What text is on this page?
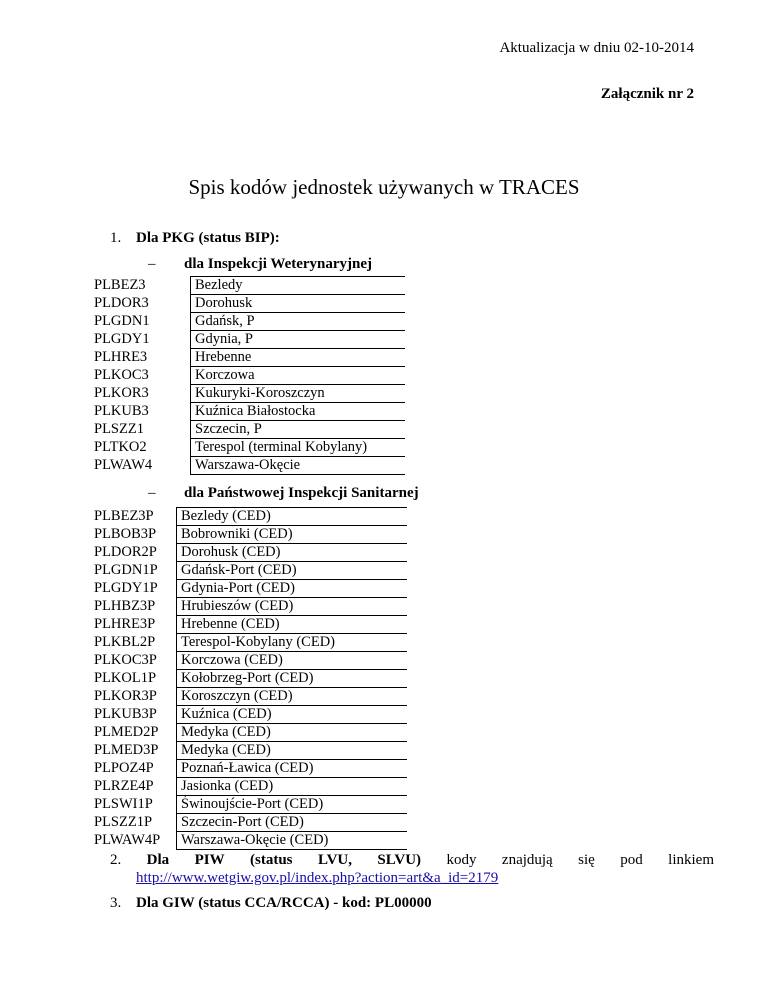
Aktualizacja w dniu 02-10-2014
Załącznik nr 2
Spis kodów jednostek używanych w TRACES
1. Dla PKG (status BIP):
– dla Inspekcji Weterynaryjnej
PLBEZ3	Bezledy
PLDOR3	Dorohusk
PLGDN1	Gdańsk, P
PLGDY1	Gdynia, P
PLHRE3	Hrebenne
PLKOC3	Korczowa
PLKOR3	Kukuryki-Koroszczyn
PLKUB3	Kuźnica Białostocka
PLSZZ1	Szczecin, P
PLTKO2	Terespol (terminal Kobylany)
PLWAW4	Warszawa-Okęcie
– dla Państwowej Inspekcji Sanitarnej
PLBEZ3P	Bezledy (CED)
PLBOB3P	Bobrowniki (CED)
PLDOR2P	Dorohusk (CED)
PLGDN1P	Gdańsk-Port (CED)
PLGDY1P	Gdynia-Port (CED)
PLHBZ3P	Hrubieszów (CED)
PLHRE3P	Hrebenne (CED)
PLKBL2P	Terespol-Kobylany (CED)
PLKOC3P	Korczowa (CED)
PLKOL1P	Kołobrzeg-Port (CED)
PLKOR3P	Koroszczyn (CED)
PLKUB3P	Kuźnica (CED)
PLMED2P	Medyka (CED)
PLMED3P	Medyka (CED)
PLPOZ4P	Poznań-Ławica (CED)
PLRZE4P	Jasionka (CED)
PLSWI1P	Świnoujście-Port (CED)
PLSZZ1P	Szczecin-Port (CED)
PLWAW4P	Warszawa-Okęcie (CED)
2. Dla PIW (status LVU, SLVU) kody znajdują się pod linkiem
http://www.wetgiw.gov.pl/index.php?action=art&a_id=2179
3. Dla GIW (status CCA/RCCA) - kod: PL00000
